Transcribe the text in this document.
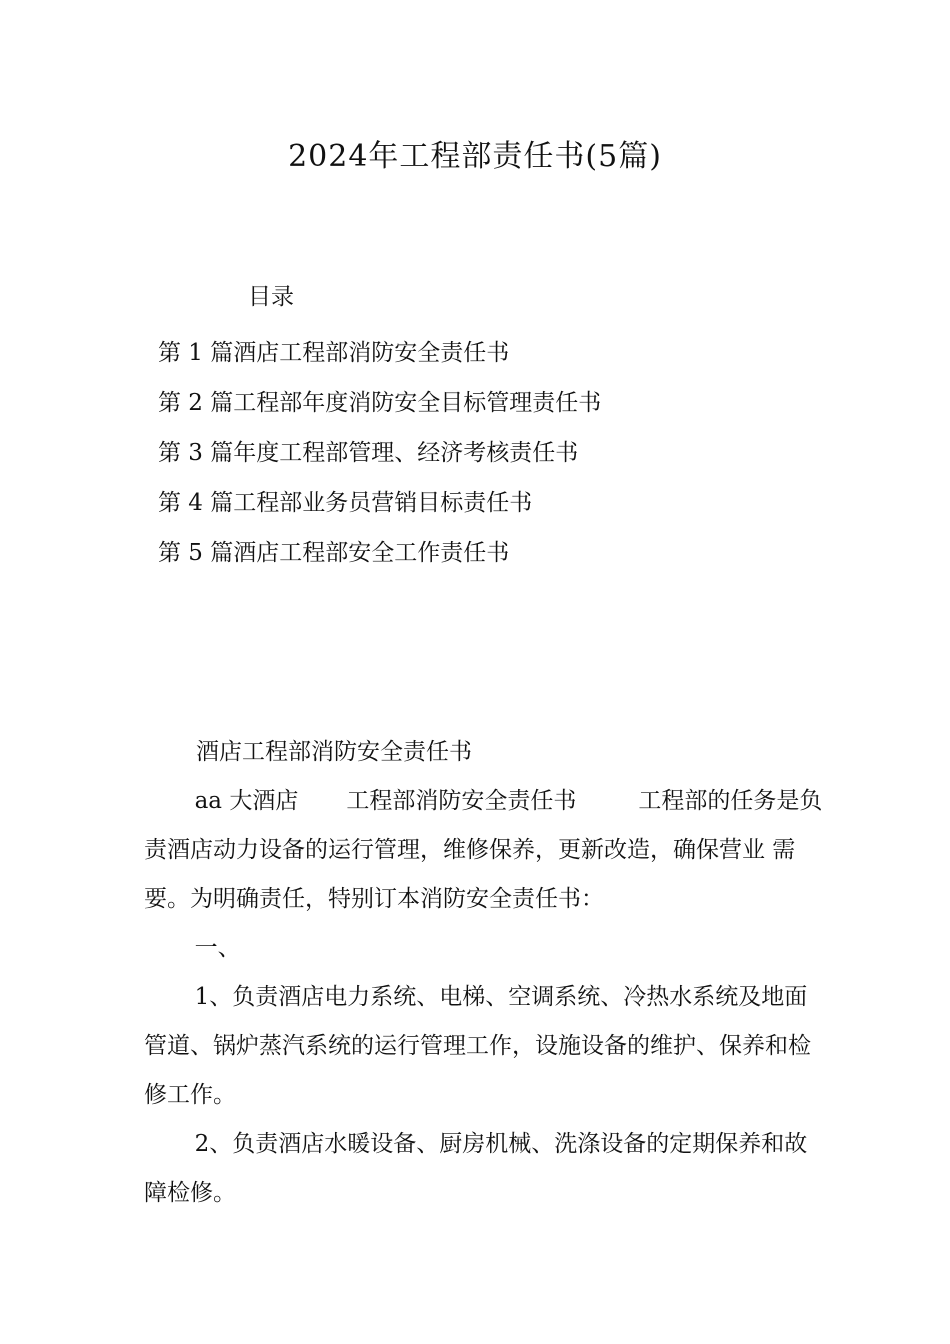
2024年工程部责任书(5篇)
目录
第 1 篇酒店工程部消防安全责任书
第 2 篇工程部年度消防安全目标管理责任书
第 3 篇年度工程部管理、经济考核责任书
第 4 篇工程部业务员营销目标责任书
第 5 篇酒店工程部安全工作责任书

酒店工程部消防安全责任书

aa 大酒店 工程部消防安全责任书	工程部的任务是负责酒店动力设备的运行管理，维修保养，更新改造，确保营业 需要。为明确责任，特别订本消防安全责任书：

一、

1、负责酒店电力系统、电梯、空调系统、冷热水系统及地面管道、锅炉蒸汽系统的运行管理工作，设施设备的维护、保养和检修工作。

2、负责酒店水暖设备、厨房机械、洗涤设备的定期保养和故障检修。
